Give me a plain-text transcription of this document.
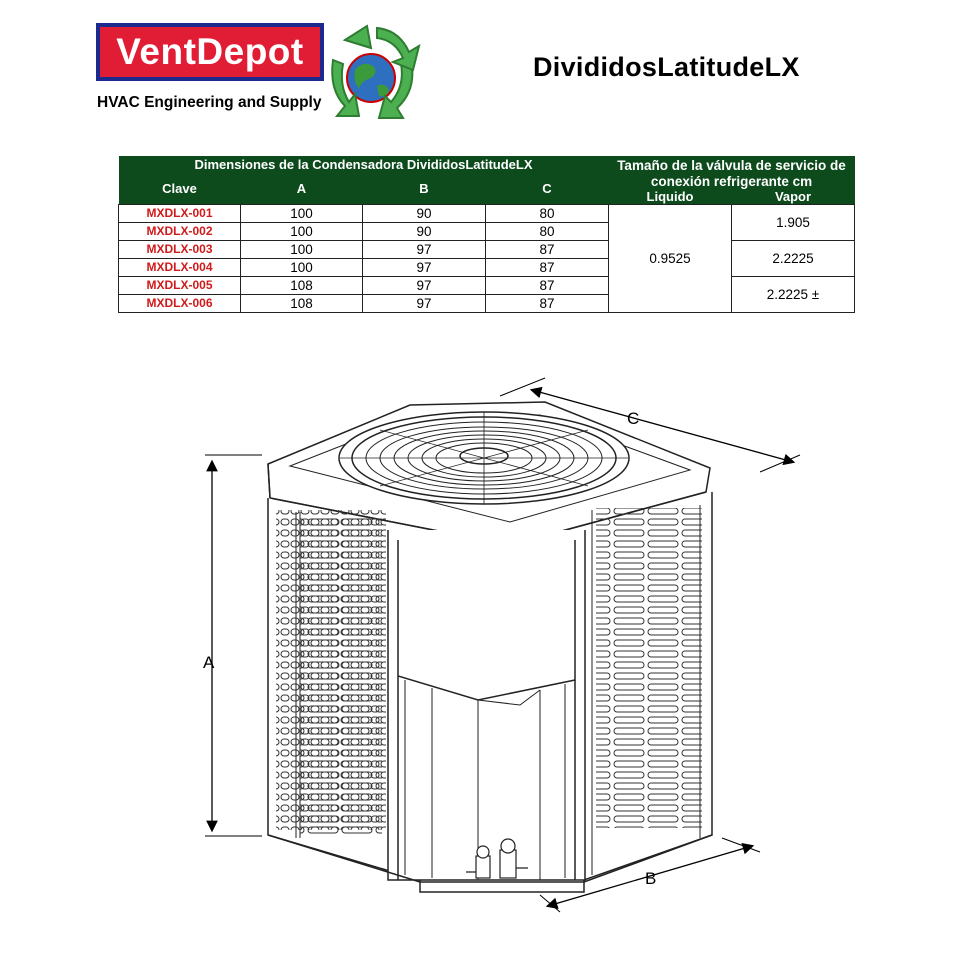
VentDepot
HVAC Engineering and Supply
DivididosLatitudeLX
Dimensiones de la Condensadora DivididosLatitudeLX				Tamaño de la válvula de servicio de conexión refrigerante cm	
Clave	A	B	C		
				Liquido	Vapor
MXDLX-001	100	90	80	0.9525	1.905
MXDLX-002	100	90	80		
MXDLX-003	100	97	87		2.2225
MXDLX-004	100	97	87		
MXDLX-005	108	97	87		2.2225 ±
MXDLX-006	108	97	87		
A
C
B
